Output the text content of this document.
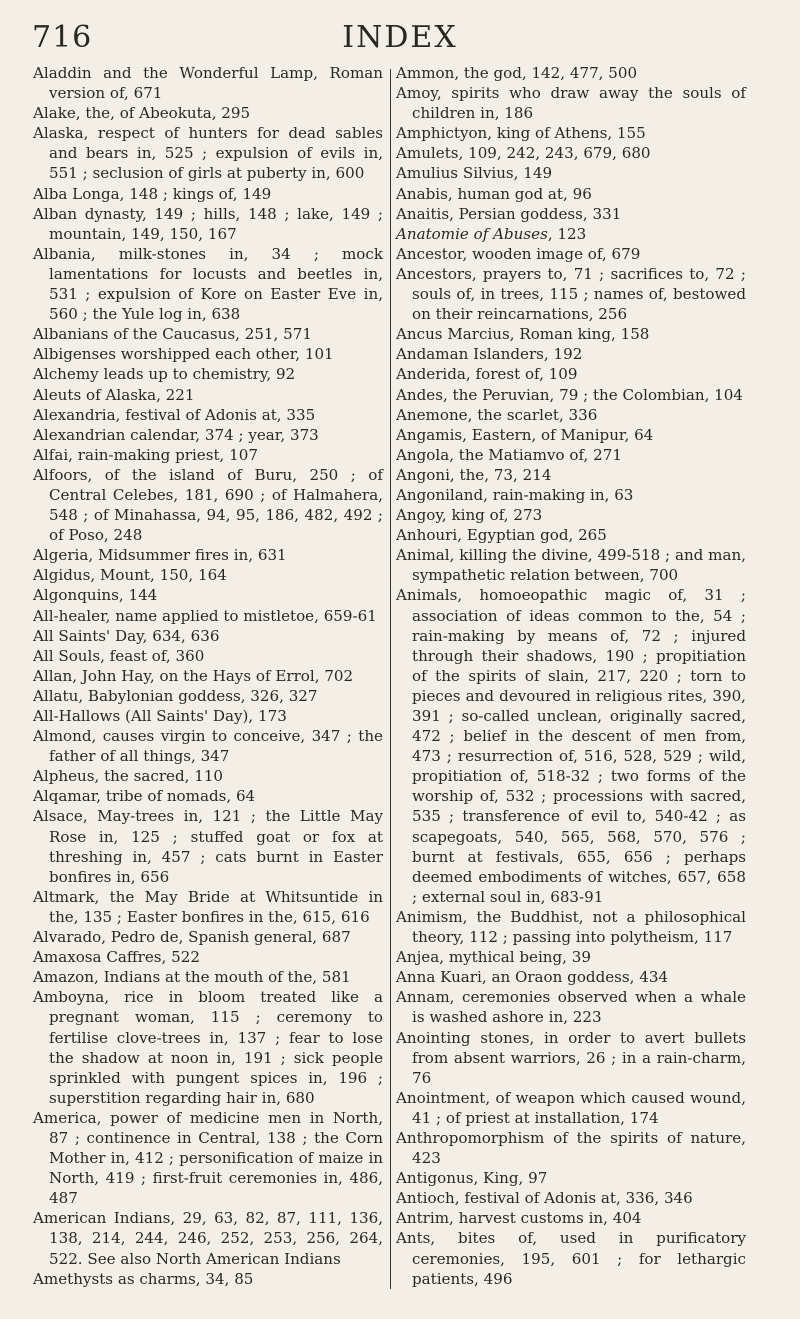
716	INDEX

Aladdin and the Wonderful Lamp, Roman version of, 671

Alake, the, of Abeokuta, 295

Alaska, respect of hunters for dead sables and bears in, 525 ; expulsion of evils in, 551 ; seclusion of girls at puberty in, 600

Alba Longa, 148 ; kings of, 149

Alban dynasty, 149 ; hills, 148 ; lake, 149 ; mountain, 149, 150, 167

Albania, milk-stones in, 34 ; mock lamentations for locusts and beetles in, 531 ; expulsion of Kore on Easter Eve in, 560 ; the Yule log in, 638

Albanians of the Caucasus, 251, 571

Albigenses worshipped each other, 101

Alchemy leads up to chemistry, 92

Aleuts of Alaska, 221

Alexandria, festival of Adonis at, 335

Alexandrian calendar, 374 ; year, 373

Alfai, rain-making priest, 107

Alfoors, of the island of Buru, 250 ; of Central Celebes, 181, 690 ; of Halmahera, 548 ; of Minahassa, 94, 95, 186, 482, 492 ; of Poso, 248

Algeria, Midsummer fires in, 631

Algidus, Mount, 150, 164

Algonquins, 144

All-healer, name applied to mistletoe, 659-61

All Saints' Day, 634, 636

All Souls, feast of, 360

Allan, John Hay, on the Hays of Errol, 702

Allatu, Babylonian goddess, 326, 327

All-Hallows (All Saints' Day), 173

Almond, causes virgin to conceive, 347 ; the father of all things, 347

Alpheus, the sacred, 110

Alqamar, tribe of nomads, 64

Alsace, May-trees in, 121 ; the Little May Rose in, 125 ; stuffed goat or fox at threshing in, 457 ; cats burnt in Easter bonfires in, 656

Altmark, the May Bride at Whitsuntide in the, 135 ; Easter bonfires in the, 615, 616

Alvarado, Pedro de, Spanish general, 687

Amaxosa Caffres, 522

Amazon, Indians at the mouth of the, 581

Amboyna, rice in bloom treated like a pregnant woman, 115 ; ceremony to fertilise clove-trees in, 137 ; fear to lose the shadow at noon in, 191 ; sick people sprinkled with pungent spices in, 196 ; superstition regarding hair in, 680

America, power of medicine men in North, 87 ; continence in Central, 138 ; the Corn Mother in, 412 ; personification of maize in North, 419 ; first-fruit ceremonies in, 486, 487

American Indians, 29, 63, 82, 87, 111, 136, 138, 214, 244, 246, 252, 253, 256, 264, 522. See also North American Indians

Amethysts as charms, 34, 85

Ammon, the god, 142, 477, 500

Amoy, spirits who draw away the souls of children in, 186

Amphictyon, king of Athens, 155

Amulets, 109, 242, 243, 679, 680

Amulius Silvius, 149

Anabis, human god at, 96

Anaitis, Persian goddess, 331

Anatomie of Abuses, 123

Ancestor, wooden image of, 679

Ancestors, prayers to, 71 ; sacrifices to, 72 ; souls of, in trees, 115 ; names of, bestowed on their reincarnations, 256

Ancus Marcius, Roman king, 158

Andaman Islanders, 192

Anderida, forest of, 109

Andes, the Peruvian, 79 ; the Colombian, 104

Anemone, the scarlet, 336

Angamis, Eastern, of Manipur, 64

Angola, the Matiamvo of, 271

Angoni, the, 73, 214

Angoniland, rain-making in, 63

Angoy, king of, 273

Anhouri, Egyptian god, 265

Animal, killing the divine, 499-518 ; and man, sympathetic relation between, 700

Animals, homoeopathic magic of, 31 ; association of ideas common to the, 54 ; rain-making by means of, 72 ; injured through their shadows, 190 ; propitiation of the spirits of slain, 217, 220 ; torn to pieces and devoured in religious rites, 390, 391 ; so-called unclean, originally sacred, 472 ; belief in the descent of men from, 473 ; resurrection of, 516, 528, 529 ; wild, propitiation of, 518-32 ; two forms of the worship of, 532 ; processions with sacred, 535 ; transference of evil to, 540-42 ; as scapegoats, 540, 565, 568, 570, 576 ; burnt at festivals, 655, 656 ; perhaps deemed embodiments of witches, 657, 658 ; external soul in, 683-91

Animism, the Buddhist, not a philosophical theory, 112 ; passing into polytheism, 117

Anjea, mythical being, 39

Anna Kuari, an Oraon goddess, 434

Annam, ceremonies observed when a whale is washed ashore in, 223

Anointing stones, in order to avert bullets from absent warriors, 26 ; in a rain-charm, 76

Anointment, of weapon which caused wound, 41 ; of priest at installation, 174

Anthropomorphism of the spirits of nature, 423

Antigonus, King, 97

Antioch, festival of Adonis at, 336, 346

Antrim, harvest customs in, 404

Ants, bites of, used in purificatory ceremonies, 195, 601 ; for lethargic patients, 496
